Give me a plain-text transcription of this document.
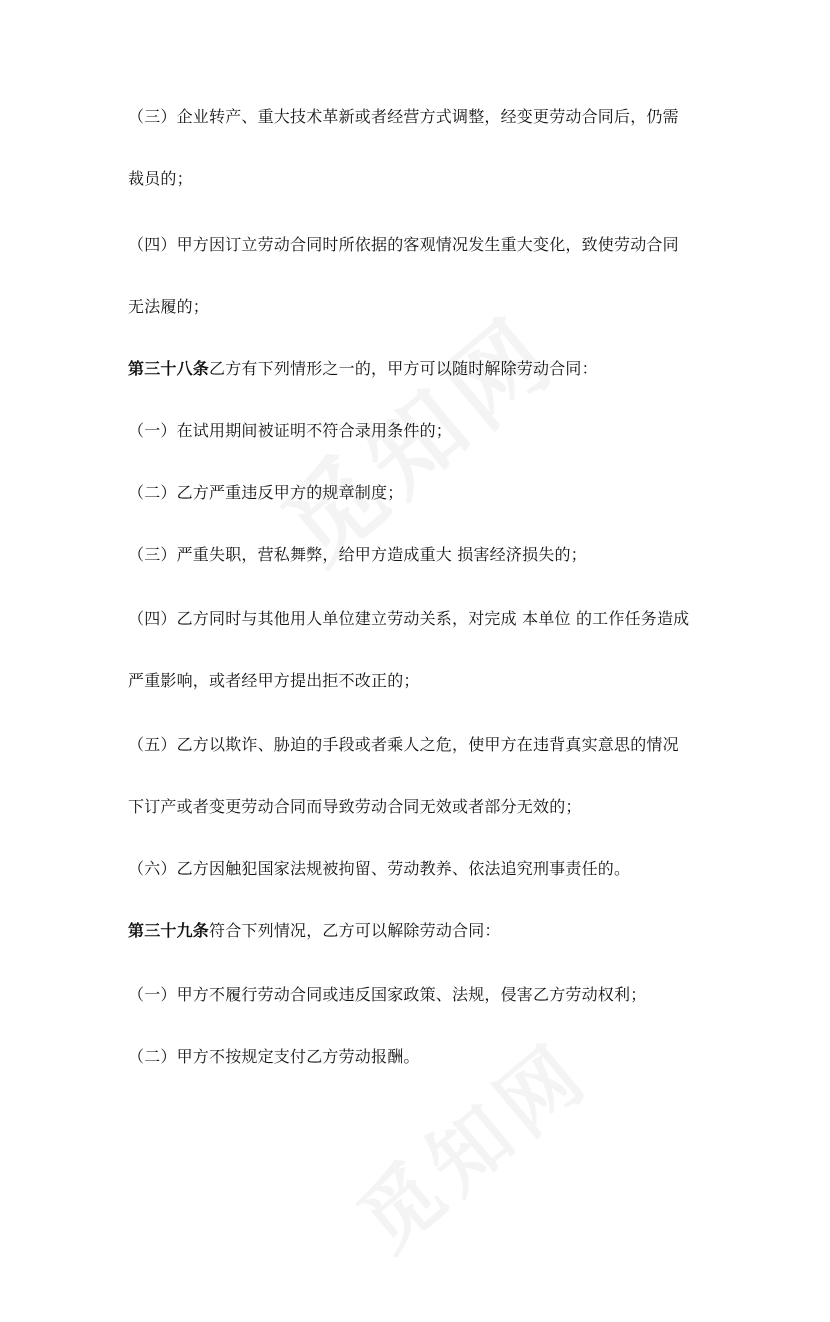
（三）企业转产、重大技术革新或者经营方式调整，经变更劳动合同后，仍需

裁员的；

（四）甲方因订立劳动合同时所依据的客观情况发生重大变化，致使劳动合同

无法履的；

第三十八条乙方有下列情形之一的，甲方可以随时解除劳动合同：

（一）在试用期间被证明不符合录用条件的；

（二）乙方严重违反甲方的规章制度；

（三）严重失职，营私舞弊，给甲方造成重大 损害经济损失的；

（四）乙方同时与其他用人单位建立劳动关系，对完成 本单位 的工作任务造成

严重影响，或者经甲方提出拒不改正的；

（五）乙方以欺诈、胁迫的手段或者乘人之危，使甲方在违背真实意思的情况

下订产或者变更劳动合同而导致劳动合同无效或者部分无效的；

（六）乙方因触犯国家法规被拘留、劳动教养、依法追究刑事责任的。

第三十九条符合下列情况，乙方可以解除劳动合同：

（一）甲方不履行劳动合同或违反国家政策、法规，侵害乙方劳动权利；

（二）甲方不按规定支付乙方劳动报酬。
